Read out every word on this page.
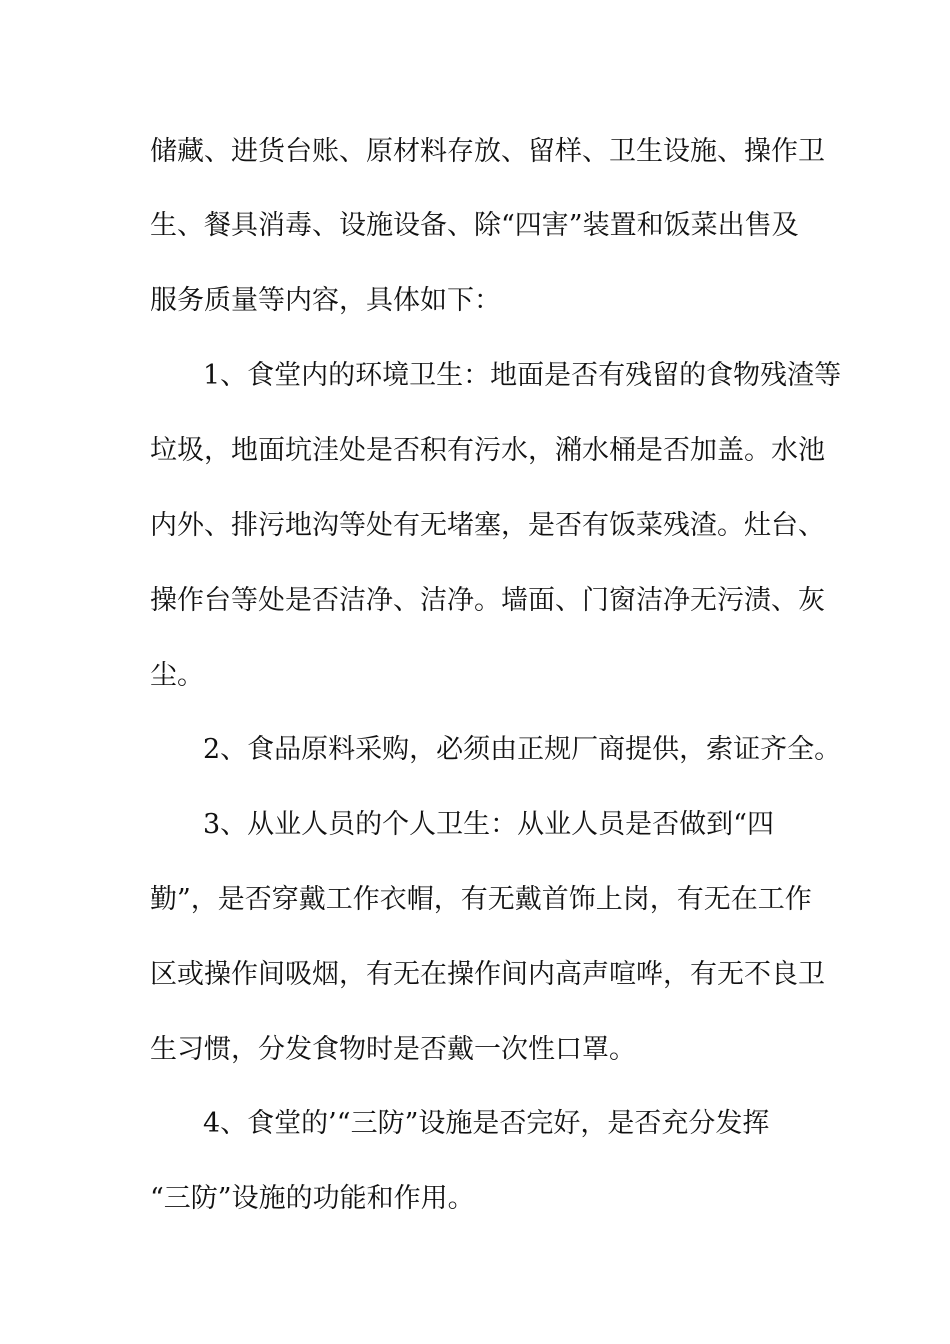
储藏、进货台账、原材料存放、留样、卫生设施、操作卫
生、餐具消毒、设施设备、除“四害”装置和饭菜出售及
服务质量等内容，具体如下：
1、食堂内的环境卫生：地面是否有残留的食物残渣等
垃圾，地面坑洼处是否积有污水，潲水桶是否加盖。水池
内外、排污地沟等处有无堵塞，是否有饭菜残渣。灶台、
操作台等处是否洁净、洁净。墙面、门窗洁净无污渍、灰
尘。
2、食品原料采购，必须由正规厂商提供，索证齐全。
3、从业人员的个人卫生：从业人员是否做到“四
勤”，是否穿戴工作衣帽，有无戴首饰上岗，有无在工作
区或操作间吸烟，有无在操作间内高声喧哗，有无不良卫
生习惯，分发食物时是否戴一次性口罩。
4、食堂的’“三防”设施是否完好，是否充分发挥
“三防”设施的功能和作用。
